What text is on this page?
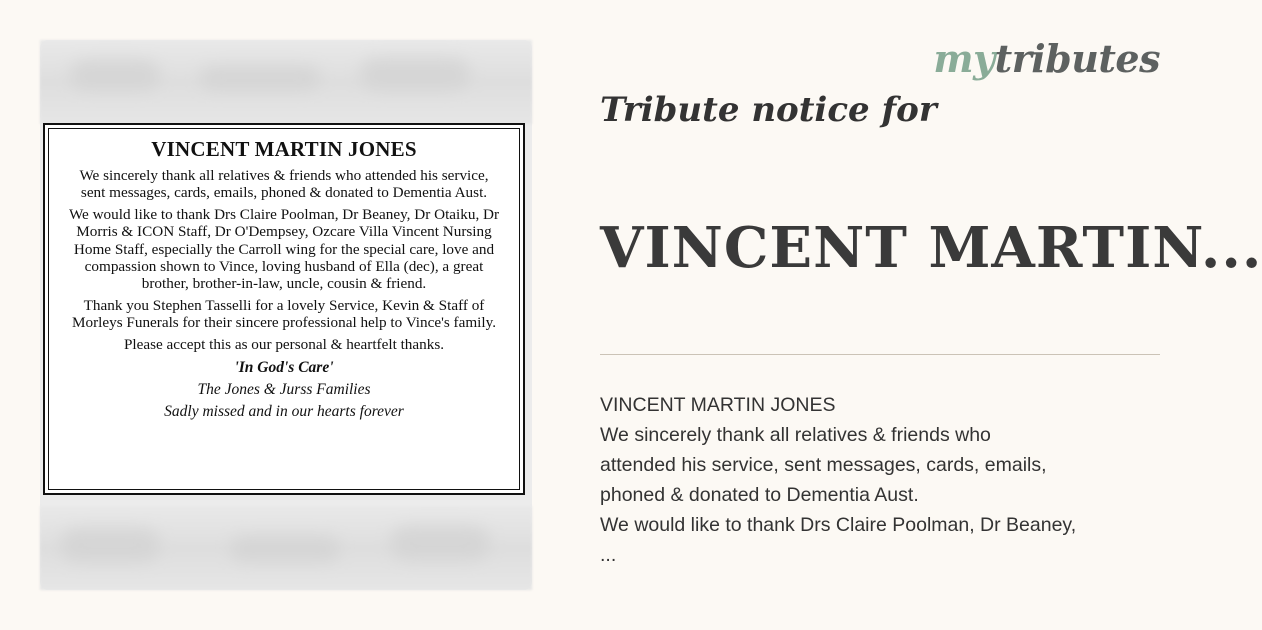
VINCENT MARTIN JONES

We sincerely thank all relatives & friends who attended his service, sent messages, cards, emails, phoned & donated to Dementia Aust.

We would like to thank Drs Claire Poolman, Dr Beaney, Dr Otaiku, Dr Morris & ICON Staff, Dr O'Dempsey, Ozcare Villa Vincent Nursing Home Staff, especially the Carroll wing for the special care, love and compassion shown to Vince, loving husband of Ella (dec), a great brother, brother-in-law, uncle, cousin & friend.

Thank you Stephen Tasselli for a lovely Service, Kevin & Staff of Morleys Funerals for their sincere professional help to Vince's family.

Please accept this as our personal & heartfelt thanks.

'In God's Care'

The Jones & Jurss Families

Sadly missed and in our hearts forever

mytributes
Tribute notice for
VINCENT MARTIN...

VINCENT MARTIN JONES

We sincerely thank all relatives & friends who

attended his service, sent messages, cards, emails,

phoned & donated to Dementia Aust.

We would like to thank Drs Claire Poolman, Dr Beaney,

...
